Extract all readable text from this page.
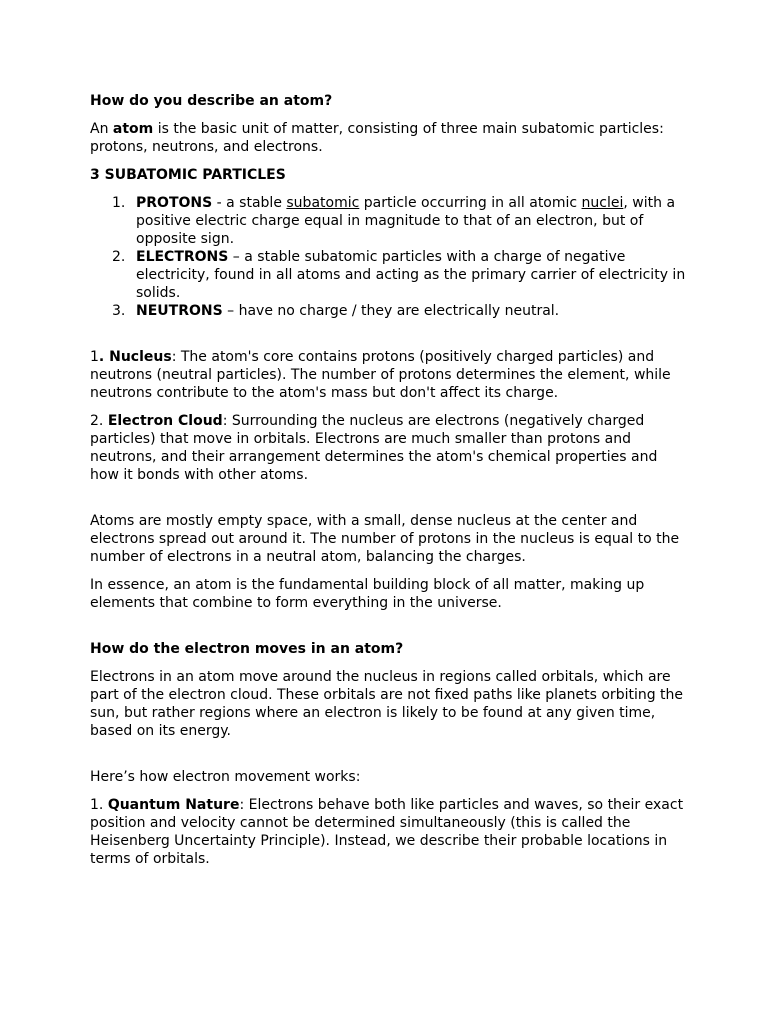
How do you describe an atom?

An atom is the basic unit of matter, consisting of three main subatomic particles: protons, neutrons, and electrons.

3 SUBATOMIC PARTICLES

1. PROTONS - a stable subatomic particle occurring in all atomic nuclei, with a positive electric charge equal in magnitude to that of an electron, but of opposite sign.
2. ELECTRONS – a stable subatomic particles with a charge of negative electricity, found in all atoms and acting as the primary carrier of electricity in solids.
3. NEUTRONS – have no charge / they are electrically neutral.

1. Nucleus: The atom's core contains protons (positively charged particles) and neutrons (neutral particles). The number of protons determines the element, while neutrons contribute to the atom's mass but don't affect its charge.

2. Electron Cloud: Surrounding the nucleus are electrons (negatively charged particles) that move in orbitals. Electrons are much smaller than protons and neutrons, and their arrangement determines the atom's chemical properties and how it bonds with other atoms.

Atoms are mostly empty space, with a small, dense nucleus at the center and electrons spread out around it. The number of protons in the nucleus is equal to the number of electrons in a neutral atom, balancing the charges.

In essence, an atom is the fundamental building block of all matter, making up elements that combine to form everything in the universe.

How do the electron moves in an atom?

Electrons in an atom move around the nucleus in regions called orbitals, which are part of the electron cloud. These orbitals are not fixed paths like planets orbiting the sun, but rather regions where an electron is likely to be found at any given time, based on its energy.

Here’s how electron movement works:

1. Quantum Nature: Electrons behave both like particles and waves, so their exact position and velocity cannot be determined simultaneously (this is called the Heisenberg Uncertainty Principle). Instead, we describe their probable locations in terms of orbitals.
